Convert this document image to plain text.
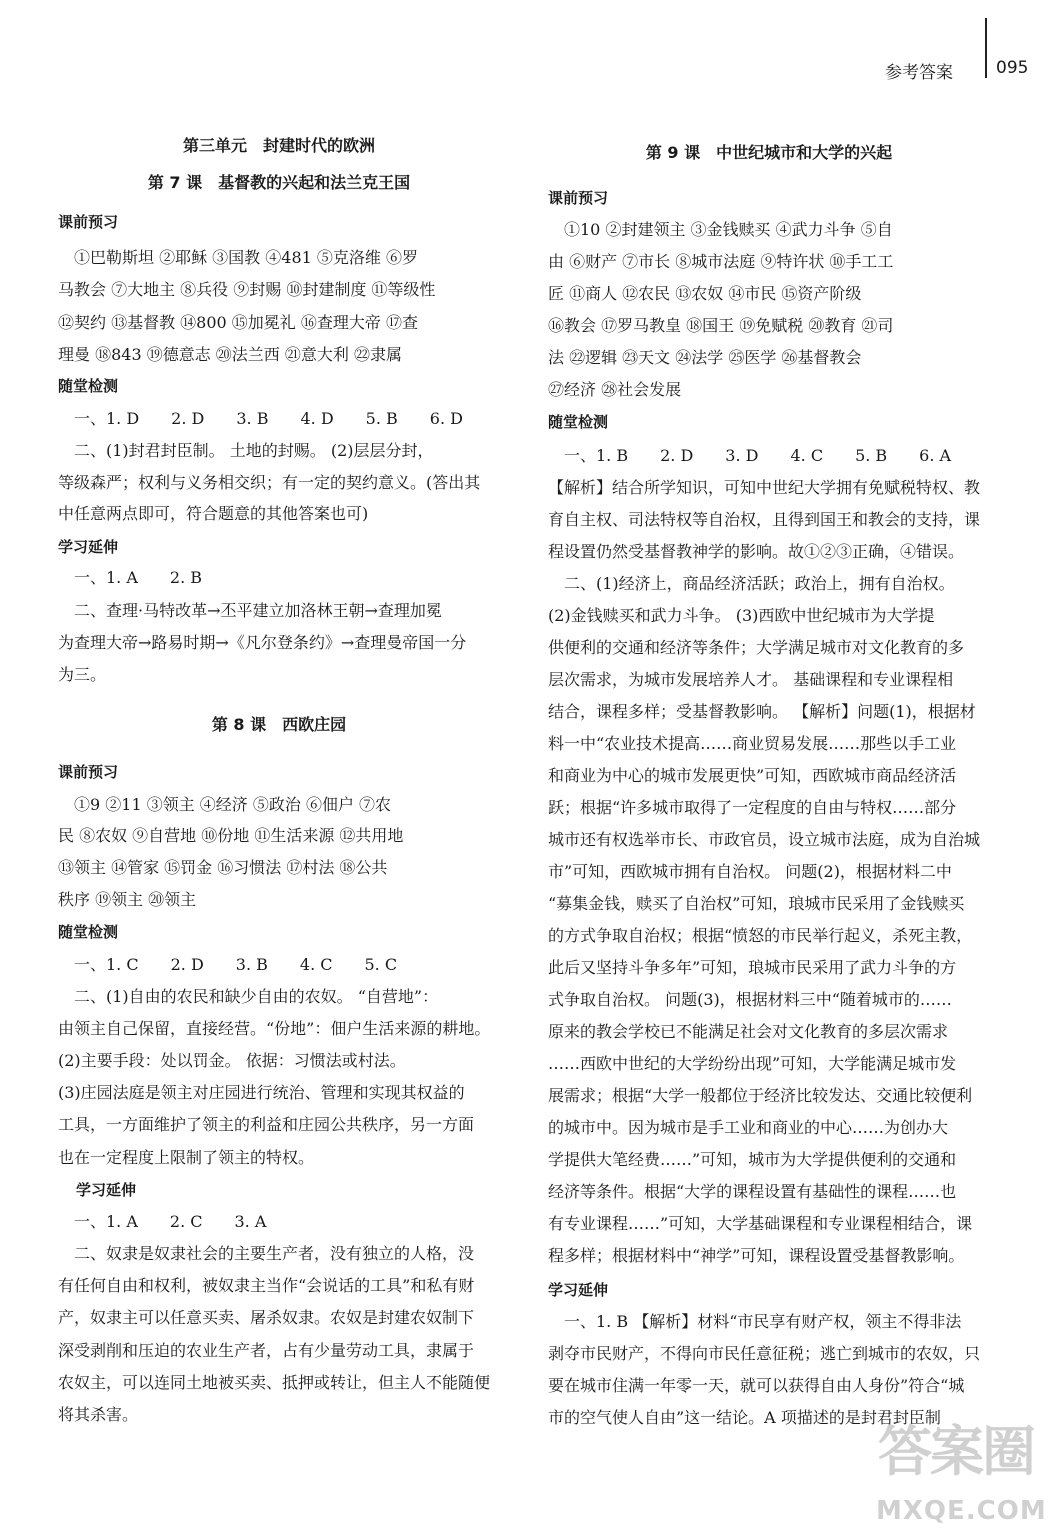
参考答案	095
第三单元　封建时代的欧洲
第 7 课　基督教的兴起和法兰克王国
课前预习
　①巴勒斯坦 ②耶稣 ③国教 ④481 ⑤克洛维 ⑥罗
马教会 ⑦大地主 ⑧兵役 ⑨封赐 ⑩封建制度 ⑪等级性
⑫契约 ⑬基督教 ⑭800 ⑮加冕礼 ⑯查理大帝 ⑰查
理曼 ⑱843 ⑲德意志 ⑳法兰西 ㉑意大利 ㉒隶属
随堂检测
　一、1. D　　2. D　　3. B　　4. D　　5. B　　6. D
　二、(1)封君封臣制。 土地的封赐。 (2)层层分封，
等级森严；权利与义务相交织；有一定的契约意义。(答出其
中任意两点即可，符合题意的其他答案也可)
学习延伸
　一、1. A　　2. B
　二、查理·马特改革→丕平建立加洛林王朝→查理加冕
为查理大帝→路易时期→《凡尔登条约》→查理曼帝国一分
为三。
第 8 课　西欧庄园
课前预习
　①9 ②11 ③领主 ④经济 ⑤政治 ⑥佃户 ⑦农
民 ⑧农奴 ⑨自营地 ⑩份地 ⑪生活来源 ⑫共用地
⑬领主 ⑭管家 ⑮罚金 ⑯习惯法 ⑰村法 ⑱公共
秩序 ⑲领主 ⑳领主
随堂检测
　一、1. C　　2. D　　3. B　　4. C　　5. C
　二、(1)自由的农民和缺少自由的农奴。 “自营地”：
由领主自己保留，直接经营。“份地”：佃户生活来源的耕地。
(2)主要手段：处以罚金。 依据：习惯法或村法。
(3)庄园法庭是领主对庄园进行统治、管理和实现其权益的
工具，一方面维护了领主的利益和庄园公共秩序，另一方面
也在一定程度上限制了领主的特权。
学习延伸
　一、1. A　　2. C　　3. A
　二、奴隶是奴隶社会的主要生产者，没有独立的人格，没
有任何自由和权利，被奴隶主当作“会说话的工具”和私有财
产，奴隶主可以任意买卖、屠杀奴隶。农奴是封建农奴制下
深受剥削和压迫的农业生产者，占有少量劳动工具，隶属于
农奴主，可以连同土地被买卖、抵押或转让，但主人不能随便
将其杀害。
第 9 课　中世纪城市和大学的兴起
课前预习
　①10 ②封建领主 ③金钱赎买 ④武力斗争 ⑤自
由 ⑥财产 ⑦市长 ⑧城市法庭 ⑨特许状 ⑩手工工
匠 ⑪商人 ⑫农民 ⑬农奴 ⑭市民 ⑮资产阶级
⑯教会 ⑰罗马教皇 ⑱国王 ⑲免赋税 ⑳教育 ㉑司
法 ㉒逻辑 ㉓天文 ㉔法学 ㉕医学 ㉖基督教会
㉗经济 ㉘社会发展
随堂检测
　一、1. B　　2. D　　3. D　　4. C　　5. B　　6. A
【解析】结合所学知识，可知中世纪大学拥有免赋税特权、教
育自主权、司法特权等自治权，且得到国王和教会的支持，课
程设置仍然受基督教神学的影响。故①②③正确，④错误。
　二、(1)经济上，商品经济活跃；政治上，拥有自治权。
(2)金钱赎买和武力斗争。 (3)西欧中世纪城市为大学提
供便利的交通和经济等条件；大学满足城市对文化教育的多
层次需求，为城市发展培养人才。 基础课程和专业课程相
结合，课程多样；受基督教影响。 【解析】问题(1)，根据材
料一中“农业技术提高……商业贸易发展……那些以手工业
和商业为中心的城市发展更快”可知，西欧城市商品经济活
跃；根据“许多城市取得了一定程度的自由与特权……部分
城市还有权选举市长、市政官员，设立城市法庭，成为自治城
市”可知，西欧城市拥有自治权。 问题(2)，根据材料二中
“募集金钱，赎买了自治权”可知，琅城市民采用了金钱赎买
的方式争取自治权；根据“愤怒的市民举行起义，杀死主教，
此后又坚持斗争多年”可知，琅城市民采用了武力斗争的方
式争取自治权。 问题(3)，根据材料三中“随着城市的……
原来的教会学校已不能满足社会对文化教育的多层次需求
……西欧中世纪的大学纷纷出现”可知，大学能满足城市发
展需求；根据“大学一般都位于经济比较发达、交通比较便利
的城市中。因为城市是手工业和商业的中心……为创办大
学提供大笔经费……”可知，城市为大学提供便利的交通和
经济等条件。根据“大学的课程设置有基础性的课程……也
有专业课程……”可知，大学基础课程和专业课程相结合，课
程多样；根据材料中“神学”可知，课程设置受基督教影响。
学习延伸
　一、1. B 【解析】材料“市民享有财产权，领主不得非法
剥夺市民财产，不得向市民任意征税；逃亡到城市的农奴，只
要在城市住满一年零一天，就可以获得自由人身份”符合“城
市的空气使人自由”这一结论。A 项描述的是封君封臣制
答案圈
MXQE.COM
